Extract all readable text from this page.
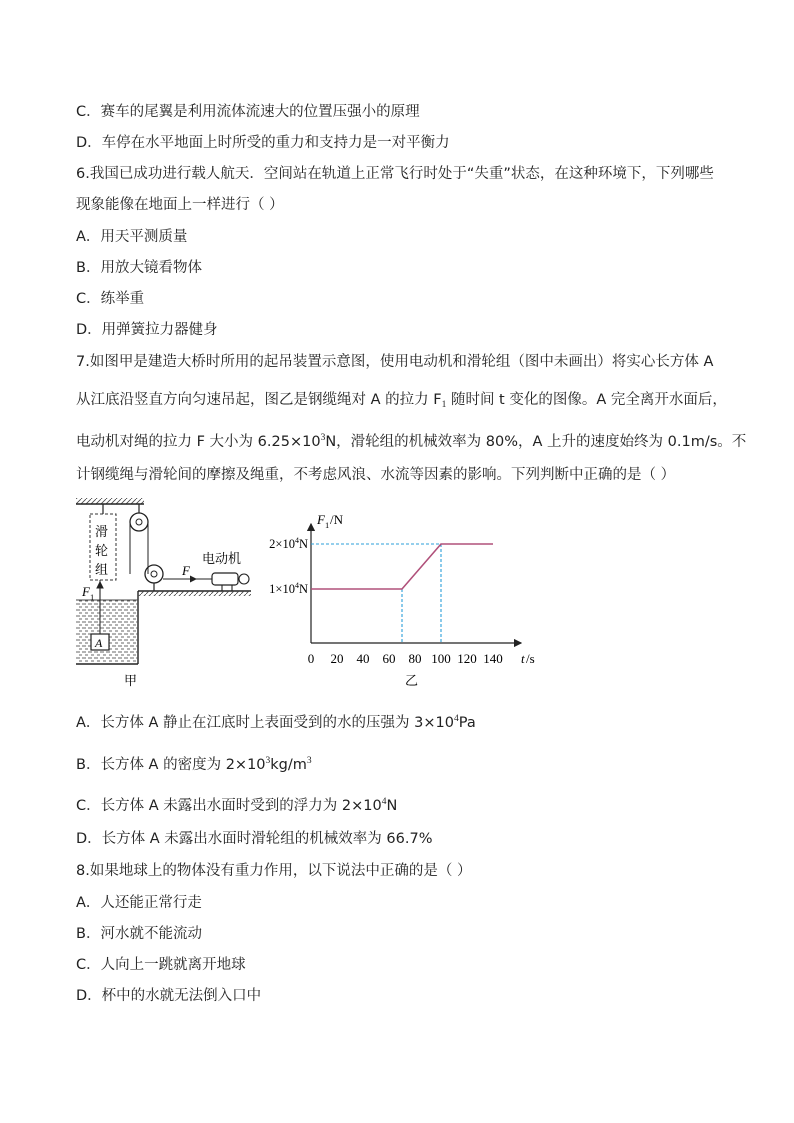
C．赛车的尾翼是利用流体流速大的位置压强小的原理
D．车停在水平地面上时所受的重力和支持力是一对平衡力
6.我国已成功进行载人航天．空间站在轨道上正常飞行时处于“失重”状态，在这种环境下，下列哪些
现象能像在地面上一样进行（ ）
A．用天平测质量
B．用放大镜看物体
C．练举重
D．用弹簧拉力器健身
7.如图甲是建造大桥时所用的起吊装置示意图，使用电动机和滑轮组（图中未画出）将实心长方体 A
从江底沿竖直方向匀速吊起，图乙是钢缆绳对 A 的拉力 $F_1$ 随时间 t 变化的图像。A 完全离开水面后，
电动机对绳的拉力 F 大小为 $6.25\times 10^3N$，滑轮组的机械效率为 80%，A 上升的速度始终为 0.1m/s。不
计钢缆绳与滑轮间的摩擦及绳重，不考虑风浪、水流等因素的影响。下列判断中正确的是（ ）
滑
轮
组	F
电动机
F 1
A
甲
F 1 /N
t /s
$1\times 10^4N$
$2\times 10^4N$
0 20 40 60 80 100 120 140
乙
A．长方体 A 静止在江底时上表面受到的水的压强为 $3\times 10^4Pa$
B．长方体 A 的密度为 $2\times 10^3kg/m^3$
C．长方体 A 未露出水面时受到的浮力为 $2\times 10^4N$
D．长方体 A 未露出水面时滑轮组的机械效率为 66.7%
8.如果地球上的物体没有重力作用，以下说法中正确的是（ ）
A．人还能正常行走
B．河水就不能流动
C．人向上一跳就离开地球
D．杯中的水就无法倒入口中
